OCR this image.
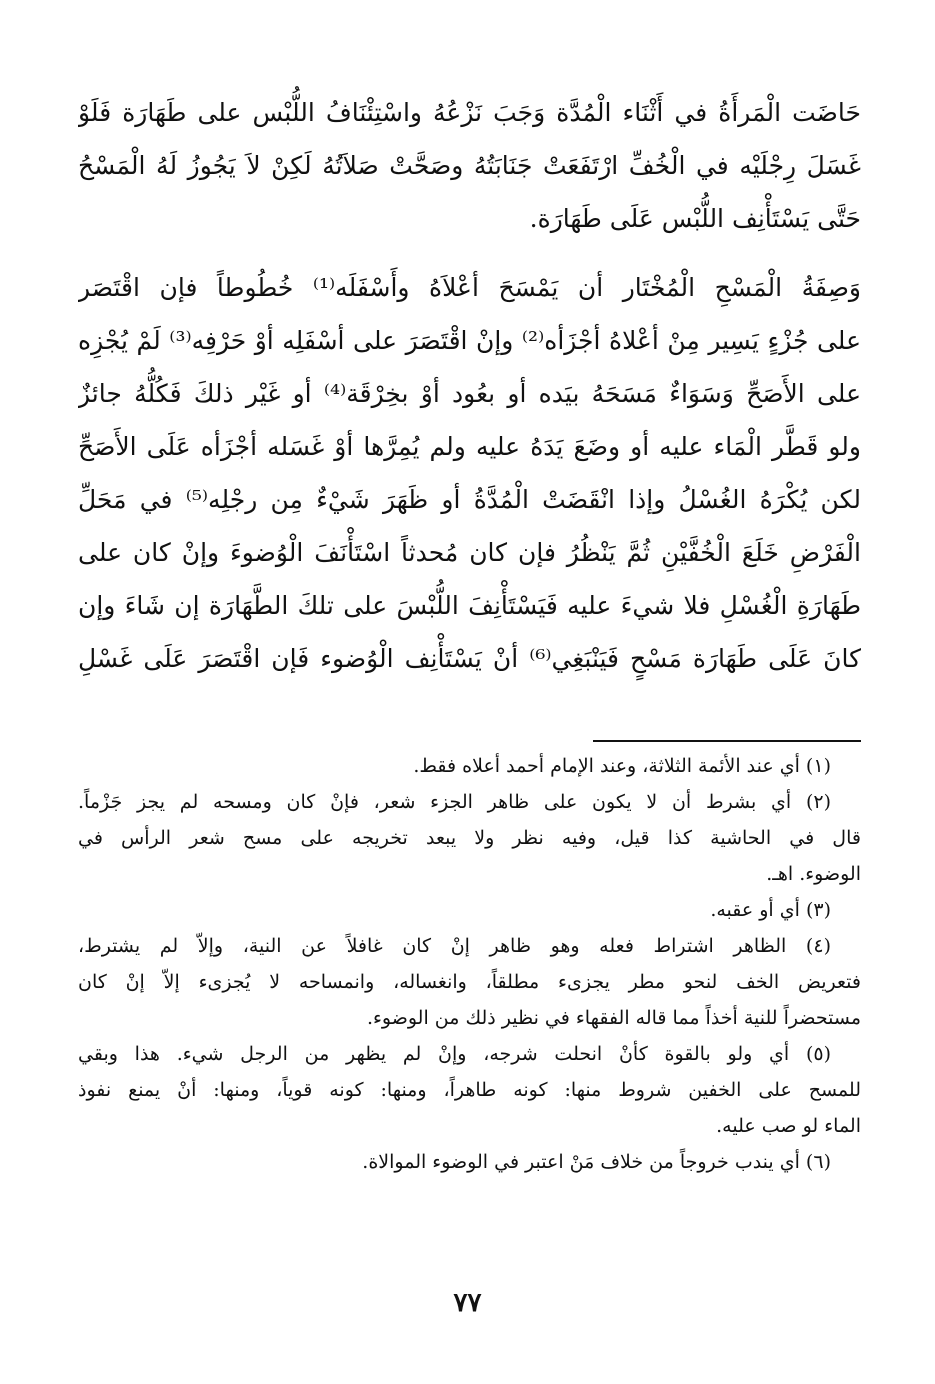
حَاضَت الْمَرأَةُ في أَثْنَاء الْمُدَّة وَجَبَ نَزْعُهُ واسْتِئْنَافُ اللُّبْس على طَهَارَة فَلَوْ
غَسَلَ رِجْلَيْه في الْخُفِّ ارْتَفَعَتْ جَنَابَتُهُ وصَحَّتْ صَلاَتُهُ لَكِنْ لاَ يَجُوزُ لَهُ الْمَسْحُ
حَتَّى يَسْتَأْنِف اللُّبْس عَلَى طَهَارَة.
وَصِفَةُ الْمَسْحِ الْمُخْتَار أن يَمْسَحَ أعْلاَهُ وأَسْفَلَه⁽¹⁾ خُطُوطاً فإن اقْتَصَر
على جُزْءٍ يَسِير مِنْ أعْلاهُ أجْزَأه⁽²⁾ وإنْ اقْتَصَرَ على أسْفَلِه أوْ حَرْفِه⁽³⁾ لَمْ يُجْزِه
على الأَصَحِّ وَسَوَاءٌ مَسَحَهُ بيَده أو بعُود أوْ بخِرْقَة⁽⁴⁾ أو غَيْر ذلكَ فَكُلُّهُ جائزٌ
ولو قَطَّر الْمَاء عليه أو وضَعَ يَدَهُ عليه ولم يُمِرَّها أوْ غَسَله أجْزَأه عَلَى الأَصَحِّ
لكن يُكْرَهُ الغُسْلُ وإذا انْقَضَتْ الْمُدَّةُ أو ظَهَرَ شَيْءٌ مِن رجْلِه⁽⁵⁾ في مَحَلِّ
الْفَرْضِ خَلَعَ الْخُفَّيْنِ ثُمَّ يَنْظُرُ فإن كان مُحدثاً اسْتَأْنَفَ الْوُضوءَ وإنْ كان على
طَهَارَةِ الْغُسْلِ فلا شيءَ عليه فَيَسْتَأْنِفَ اللُّبْسَ على تلكَ الطَّهَارَة إن شَاءَ وإن
كانَ عَلَى طَهَارَة مَسْحٍ فَيَنْبَغِي⁽⁶⁾ أنْ يَسْتَأْنِف الْوُضوء فَإن اقْتَصَرَ عَلَى غَسْلِ
(١) أي عند الأئمة الثلاثة، وعند الإمام أحمد أعلاه فقط.
(٢) أي بشرط أن لا يكون على ظاهر الجزء شعر، فإنْ كان ومسحه لم يجز جَزْماً.
قال في الحاشية كذا قيل، وفيه نظر ولا يبعد تخريجه على مسح شعر الرأس في
الوضوء. اهـ.
(٣) أي أو عقبه.
(٤) الظاهر اشتراط فعله وهو ظاهر إنْ كان غافلاً عن النية، وإلاّ لم يشترط،
فتعريض الخف لنحو مطر يجزىء مطلقاً، وانغساله، وانمساحه لا يُجزىء إلاّ إنْ كان
مستحضراً للنية أخذاً مما قاله الفقهاء في نظير ذلك من الوضوء.
(٥) أي ولو بالقوة كأنْ انحلت شرجه، وإنْ لم يظهر من الرجل شيء. هذا وبقي
للمسح على الخفين شروط منها: كونه طاهراً، ومنها: كونه قوياً، ومنها: أنْ يمنع نفوذ
الماء لو صب عليه.
(٦) أي يندب خروجاً من خلاف مَنْ اعتبر في الوضوء الموالاة.
٧٧
